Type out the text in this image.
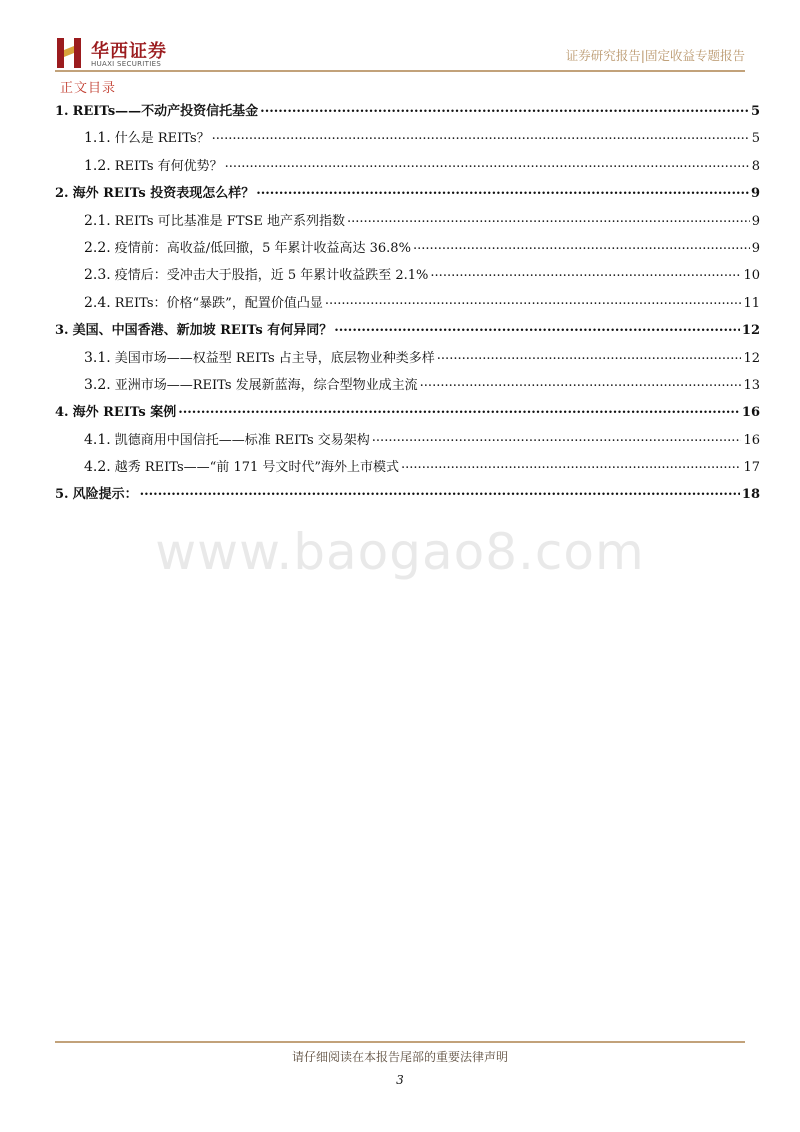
华西证券
HUAXI SECURITIES
证券研究报告|固定收益专题报告
正文目录
1. REITs——不动产投资信托基金 .....	5
1.1. 什么是 REITs？ .....	5
1.2. REITs 有何优势？ .....	8
2. 海外 REITs 投资表现怎么样？ .....	9
2.1. REITs 可比基准是 FTSE 地产系列指数 .....	9
2.2. 疫情前：高收益/低回撤，5 年累计收益高达 36.8% .....	9
2.3. 疫情后：受冲击大于股指，近 5 年累计收益跌至 2.1% .....	10
2.4. REITs：价格“暴跌”，配置价值凸显 .....	11
3. 美国、中国香港、新加坡 REITs 有何异同？ .....	12
3.1. 美国市场——权益型 REITs 占主导，底层物业种类多样 .....	12
3.2. 亚洲市场——REITs 发展新蓝海，综合型物业成主流 .....	13
4. 海外 REITs 案例 .....	16
4.1. 凯德商用中国信托——标准 REITs 交易架构 .....	16
4.2. 越秀 REITs——“前 171 号文时代”海外上市模式 .....	17
5. 风险提示： .....	18
www.baogao8.com
请仔细阅读在本报告尾部的重要法律声明
3
